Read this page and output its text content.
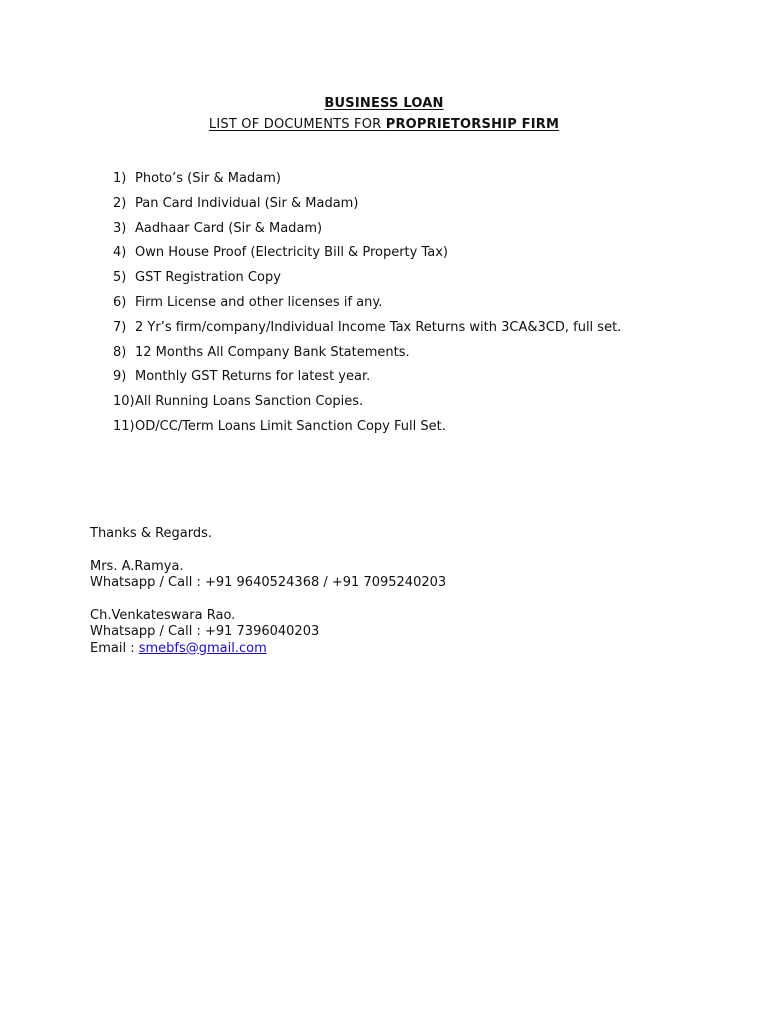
BUSINESS LOAN
LIST OF DOCUMENTS FOR PROPRIETORSHIP FIRM
1) Photo’s (Sir & Madam)
2) Pan Card Individual (Sir & Madam)
3) Aadhaar Card (Sir & Madam)
4) Own House Proof (Electricity Bill & Property Tax)
5) GST Registration Copy
6) Firm License and other licenses if any.
7) 2 Yr’s firm/company/Individual Income Tax Returns with 3CA&3CD, full set.
8) 12 Months All Company Bank Statements.
9) Monthly GST Returns for latest year.
10)All Running Loans Sanction Copies.
11)OD/CC/Term Loans Limit Sanction Copy Full Set.
Thanks & Regards.
Mrs. A.Ramya.
Whatsapp / Call : +91 9640524368 / +91 7095240203
Ch.Venkateswara Rao.
Whatsapp / Call : +91 7396040203
Email : smebfs@gmail.com
